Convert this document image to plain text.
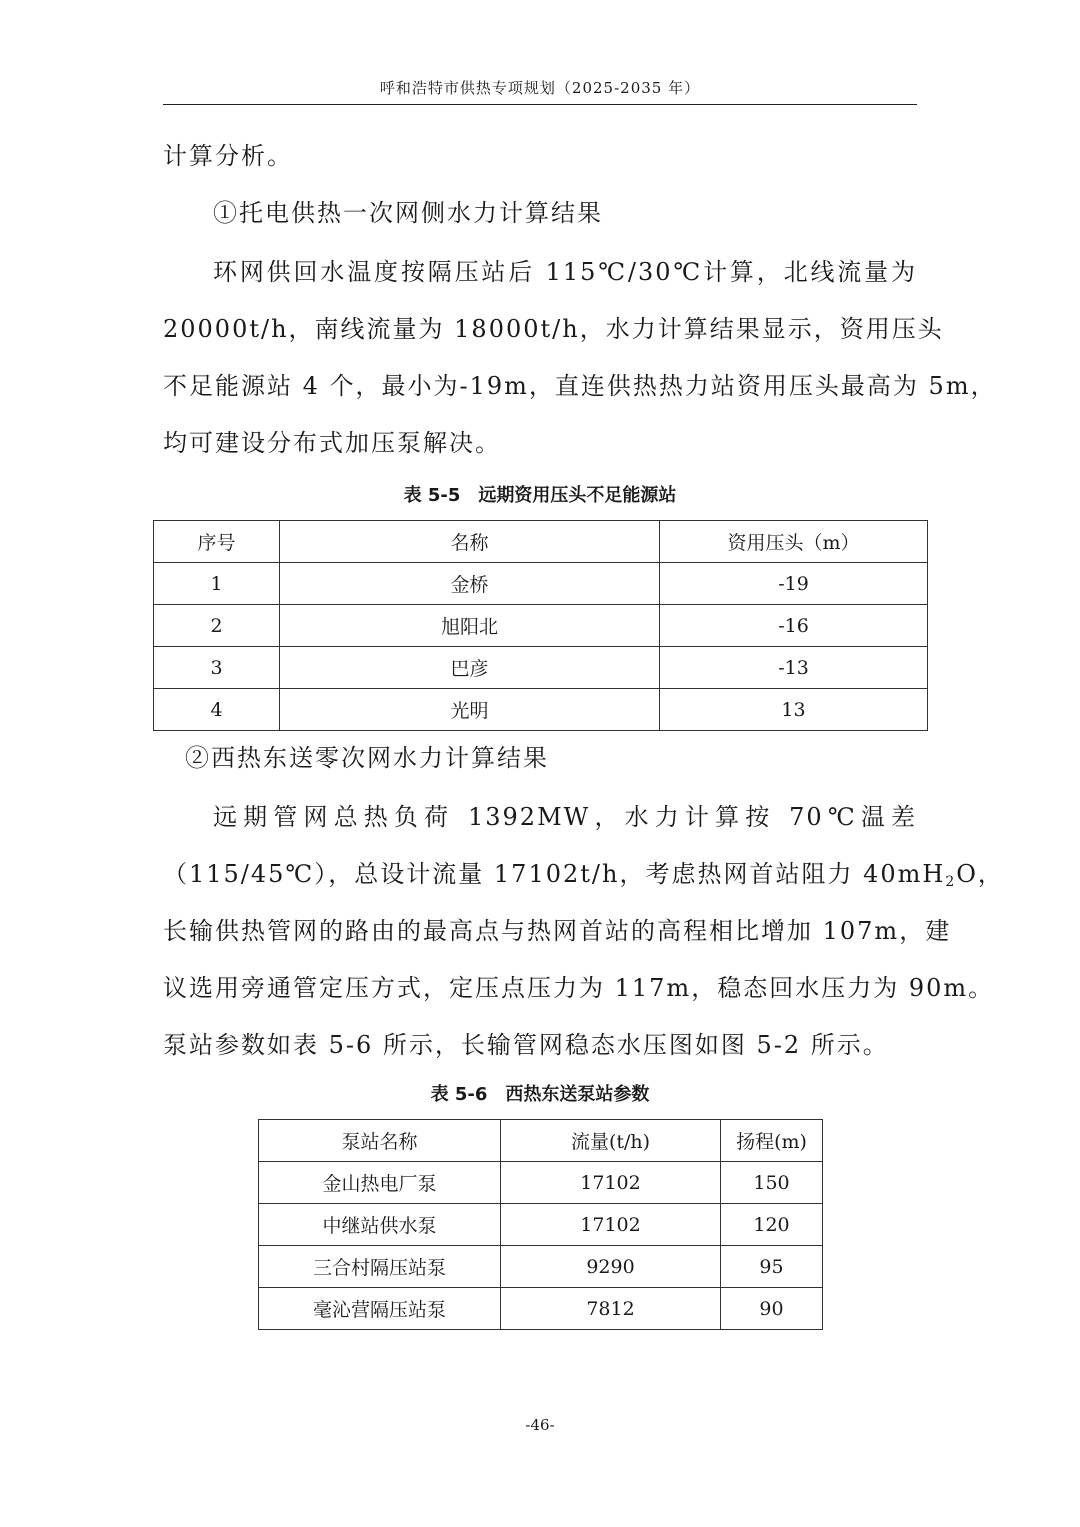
呼和浩特市供热专项规划（2025-2035 年）
计算分析。
①托电供热一次网侧水力计算结果
环网供回水温度按隔压站后 115℃/30℃计算，北线流量为
20000t/h，南线流量为 18000t/h，水力计算结果显示，资用压头
不足能源站 4 个，最小为-19m，直连供热热力站资用压头最高为 5m，
均可建设分布式加压泵解决。
表 5-5　远期资用压头不足能源站
序号	名称	资用压头（m）
1	金桥	-19
2	旭阳北	-16
3	巴彦	-13
4	光明	13
②西热东送零次网水力计算结果
远期管网总热负荷 1392MW，水力计算按 70℃温差
（115/45℃），总设计流量 17102t/h，考虑热网首站阻力 $40mH_2O$，
长输供热管网的路由的最高点与热网首站的高程相比增加 107m，建
议选用旁通管定压方式，定压点压力为 117m，稳态回水压力为 90m。
泵站参数如表 5-6 所示，长输管网稳态水压图如图 5-2 所示。
表 5-6　西热东送泵站参数
泵站名称	流量(t/h)	扬程(m)
金山热电厂泵	17102	150
中继站供水泵	17102	120
三合村隔压站泵	9290	95
毫沁营隔压站泵	7812	90
-46-
